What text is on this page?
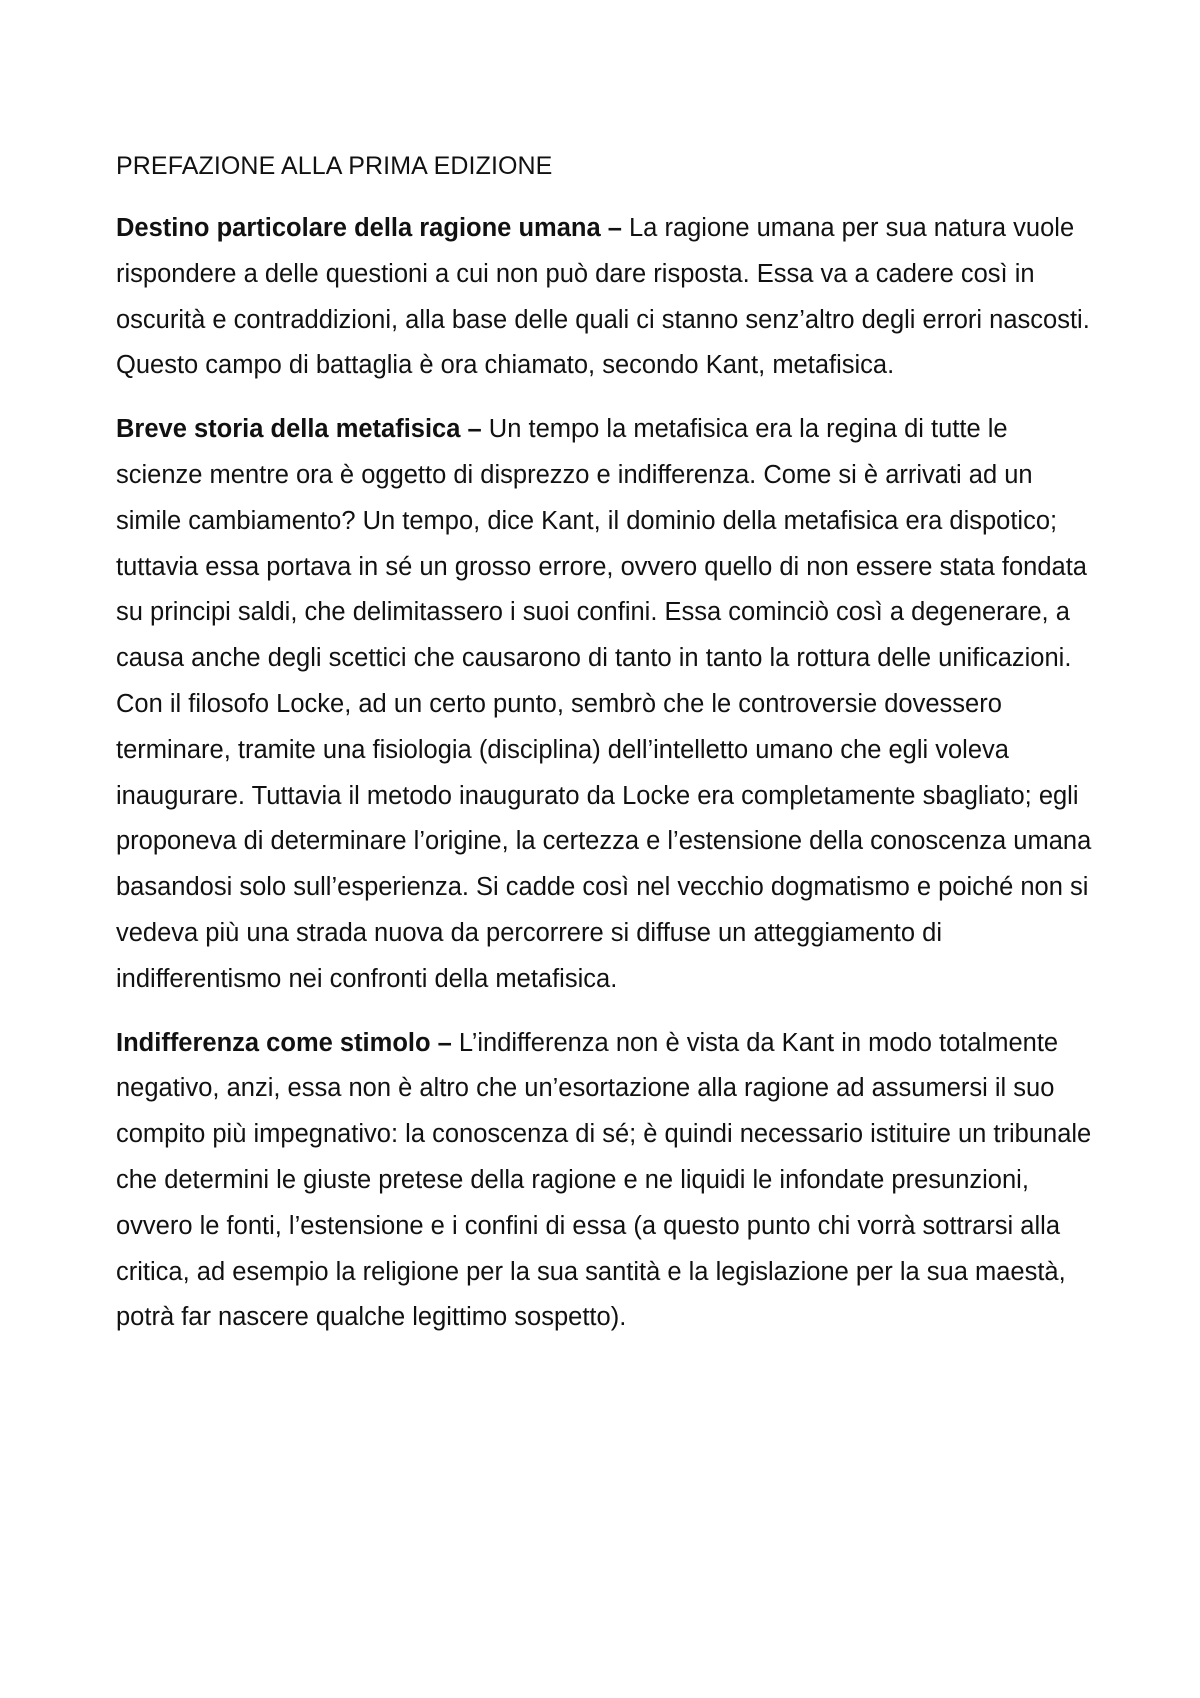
PREFAZIONE ALLA PRIMA EDIZIONE

Destino particolare della ragione umana – La ragione umana per sua natura vuole rispondere a delle questioni a cui non può dare risposta. Essa va a cadere così in oscurità e contraddizioni, alla base delle quali ci stanno senz’altro degli errori nascosti. Questo campo di battaglia è ora chiamato, secondo Kant, metafisica.

Breve storia della metafisica – Un tempo la metafisica era la regina di tutte le scienze mentre ora è oggetto di disprezzo e indifferenza. Come si è arrivati ad un simile cambiamento? Un tempo, dice Kant, il dominio della metafisica era dispotico; tuttavia essa portava in sé un grosso errore, ovvero quello di non essere stata fondata su principi saldi, che delimitassero i suoi confini. Essa cominciò così a degenerare, a causa anche degli scettici che causarono di tanto in tanto la rottura delle unificazioni. Con il filosofo Locke, ad un certo punto, sembrò che le controversie dovessero terminare, tramite una fisiologia (disciplina) dell’intelletto umano che egli voleva inaugurare. Tuttavia il metodo inaugurato da Locke era completamente sbagliato; egli proponeva di determinare l’origine, la certezza e l’estensione della conoscenza umana basandosi solo sull’esperienza. Si cadde così nel vecchio dogmatismo e poiché non si vedeva più una strada nuova da percorrere si diffuse un atteggiamento di indifferentismo nei confronti della metafisica.

Indifferenza come stimolo – L’indifferenza non è vista da Kant in modo totalmente negativo, anzi, essa non è altro che un’esortazione alla ragione ad assumersi il suo compito più impegnativo: la conoscenza di sé; è quindi necessario istituire un tribunale che determini le giuste pretese della ragione e ne liquidi le infondate presunzioni, ovvero le fonti, l’estensione e i confini di essa (a questo punto chi vorrà sottrarsi alla critica, ad esempio la religione per la sua santità e la legislazione per la sua maestà, potrà far nascere qualche legittimo sospetto).
